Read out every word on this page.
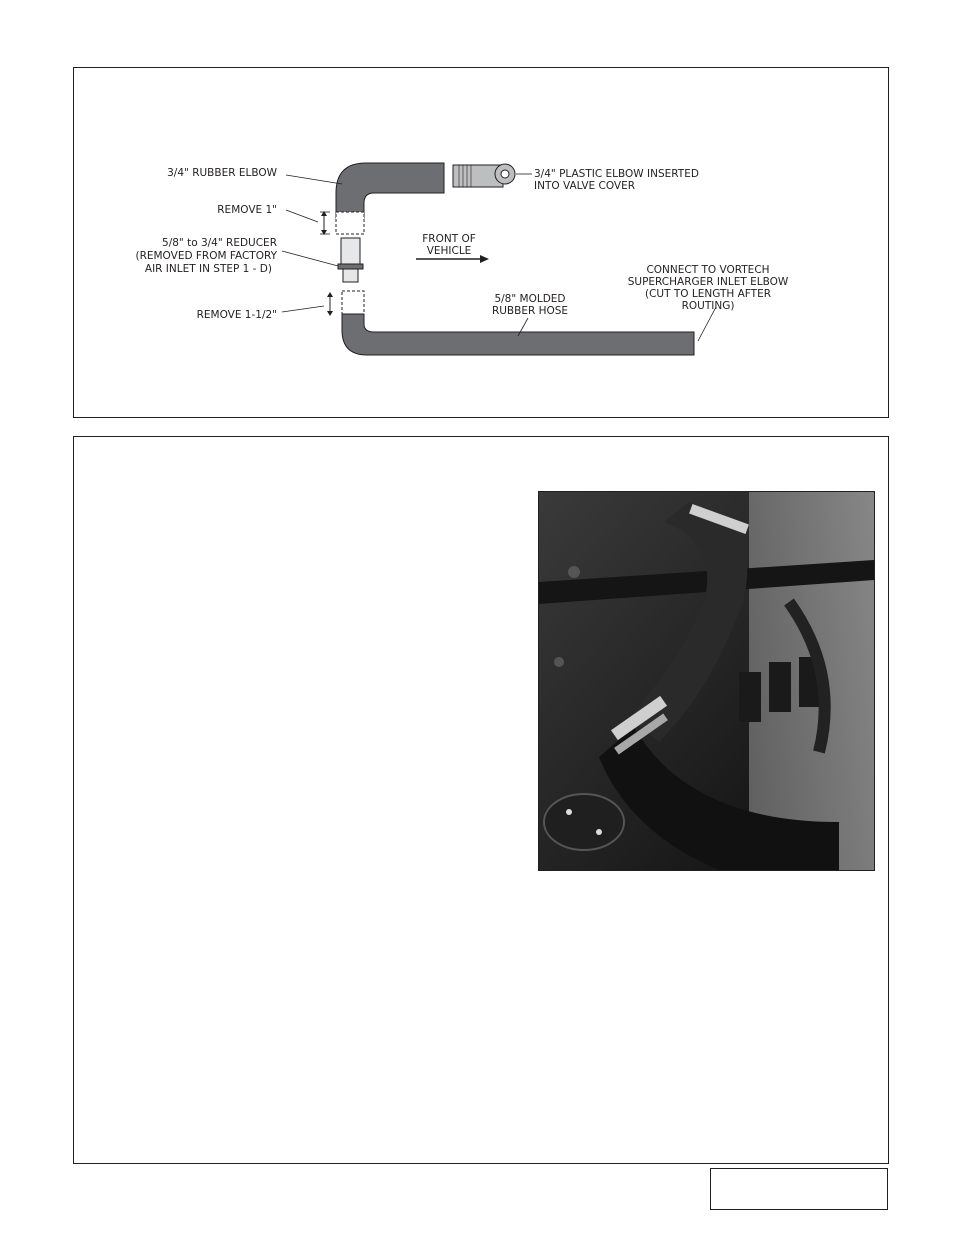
3/4" RUBBER ELBOW
REMOVE 1"
5/8" to 3/4" REDUCER
(REMOVED FROM FACTORY
AIR INLET IN STEP 1 - D)
REMOVE 1-1/2"
3/4" PLASTIC ELBOW INSERTED
INTO VALVE COVER
FRONT OF
VEHICLE
CONNECT TO VORTECH
SUPERCHARGER INLET ELBOW
(CUT TO LENGTH AFTER
ROUTING)
5/8" MOLDED
RUBBER HOSE
